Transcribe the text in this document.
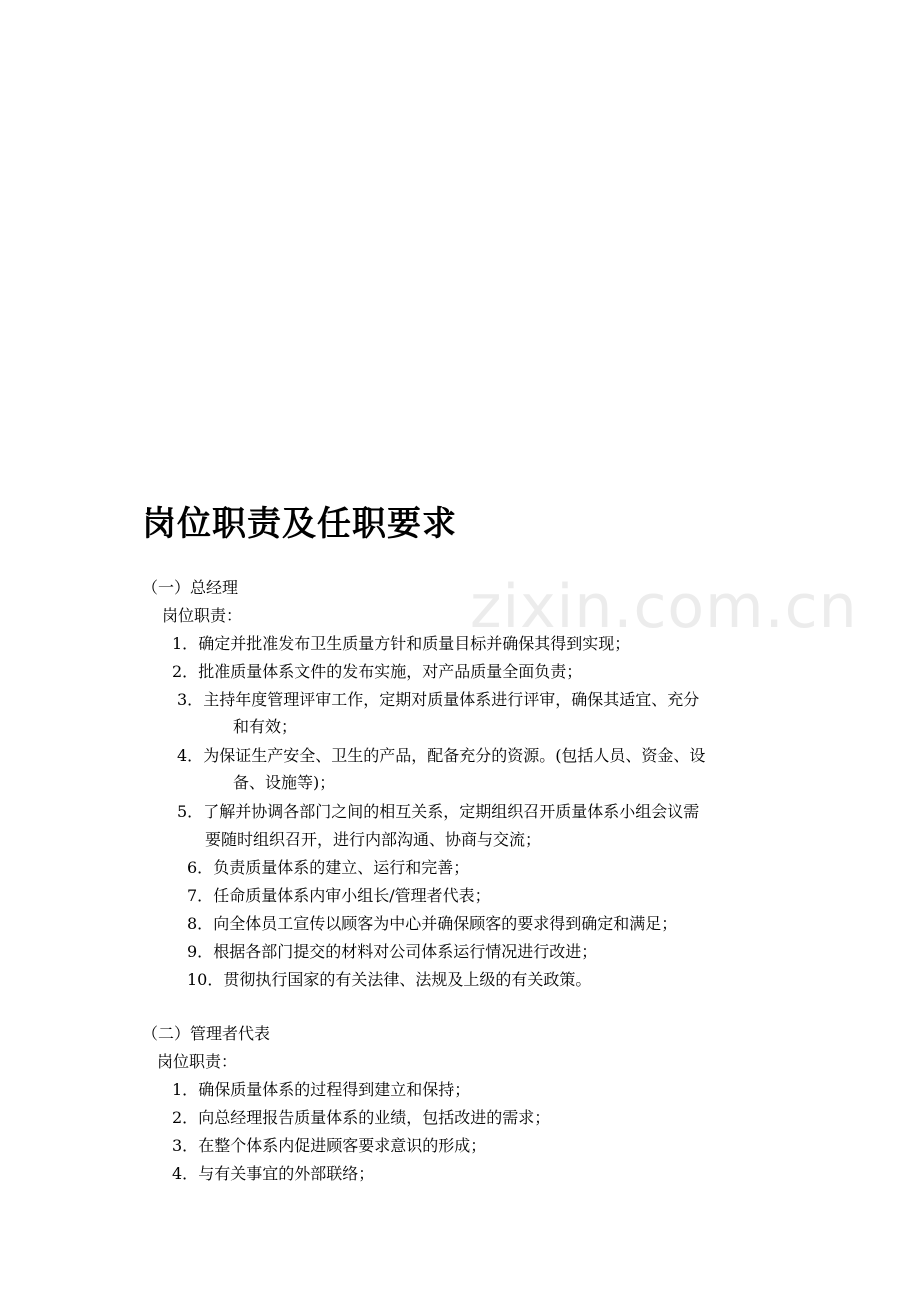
zixin.com.cn
岗位职责及任职要求
（一）总经理
岗位职责：
1．确定并批准发布卫生质量方针和质量目标并确保其得到实现；
2．批准质量体系文件的发布实施，对产品质量全面负责；
3．主持年度管理评审工作，定期对质量体系进行评审，确保其适宜、充分
和有效；
4．为保证生产安全、卫生的产品，配备充分的资源。(包括人员、资金、设
备、设施等)；
5．了解并协调各部门之间的相互关系，定期组织召开质量体系小组会议需
要随时组织召开，进行内部沟通、协商与交流；
6．负责质量体系的建立、运行和完善；
7．任命质量体系内审小组长/管理者代表；
8．向全体员工宣传以顾客为中心并确保顾客的要求得到确定和满足；
9．根据各部门提交的材料对公司体系运行情况进行改进；
10．贯彻执行国家的有关法律、法规及上级的有关政策。
（二）管理者代表
岗位职责：
1．确保质量体系的过程得到建立和保持；
2．向总经理报告质量体系的业绩，包括改进的需求；
3．在整个体系内促进顾客要求意识的形成；
4．与有关事宜的外部联络；
